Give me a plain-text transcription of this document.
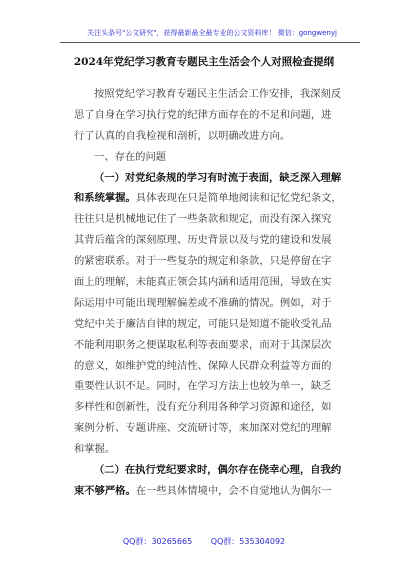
关注头条号"公文研究"，获得最新最全最专业的公文资料库！ 微信：gongwenyj
2024年党纪学习教育专题民主生活会个人对照检查提纲
按照党纪学习教育专题民主生活会工作安排，我深刻反
思了自身在学习执行党的纪律方面存在的不足和问题，进
行了认真的自我检视和剖析，以明确改进方向。
一、存在的问题
（一）对党纪条规的学习有时流于表面，缺乏深入理解
和系统掌握。具体表现在只是简单地阅读和记忆党纪条文，
往往只是机械地记住了一些条款和规定，而没有深入探究
其背后蕴含的深刻原理、历史背景以及与党的建设和发展
的紧密联系。对于一些复杂的规定和条款，只是停留在字
面上的理解，未能真正领会其内涵和适用范围，导致在实
际运用中可能出现理解偏差或不准确的情况。例如，对于
党纪中关于廉洁自律的规定，可能只是知道不能收受礼品
不能利用职务之便谋取私利等表面要求，而对于其深层次
的意义，如维护党的纯洁性、保障人民群众利益等方面的
重要性认识不足。同时，在学习方法上也较为单一，缺乏
多样性和创新性，没有充分利用各种学习资源和途径，如
案例分析、专题讲座、交流研讨等，来加深对党纪的理解
和掌握。
（二）在执行党纪要求时，偶尔存在侥幸心理，自我约
束不够严格。在一些具体情境中，会不自觉地认为偶尔一
QQ群：30265665 QQ群：535304092
